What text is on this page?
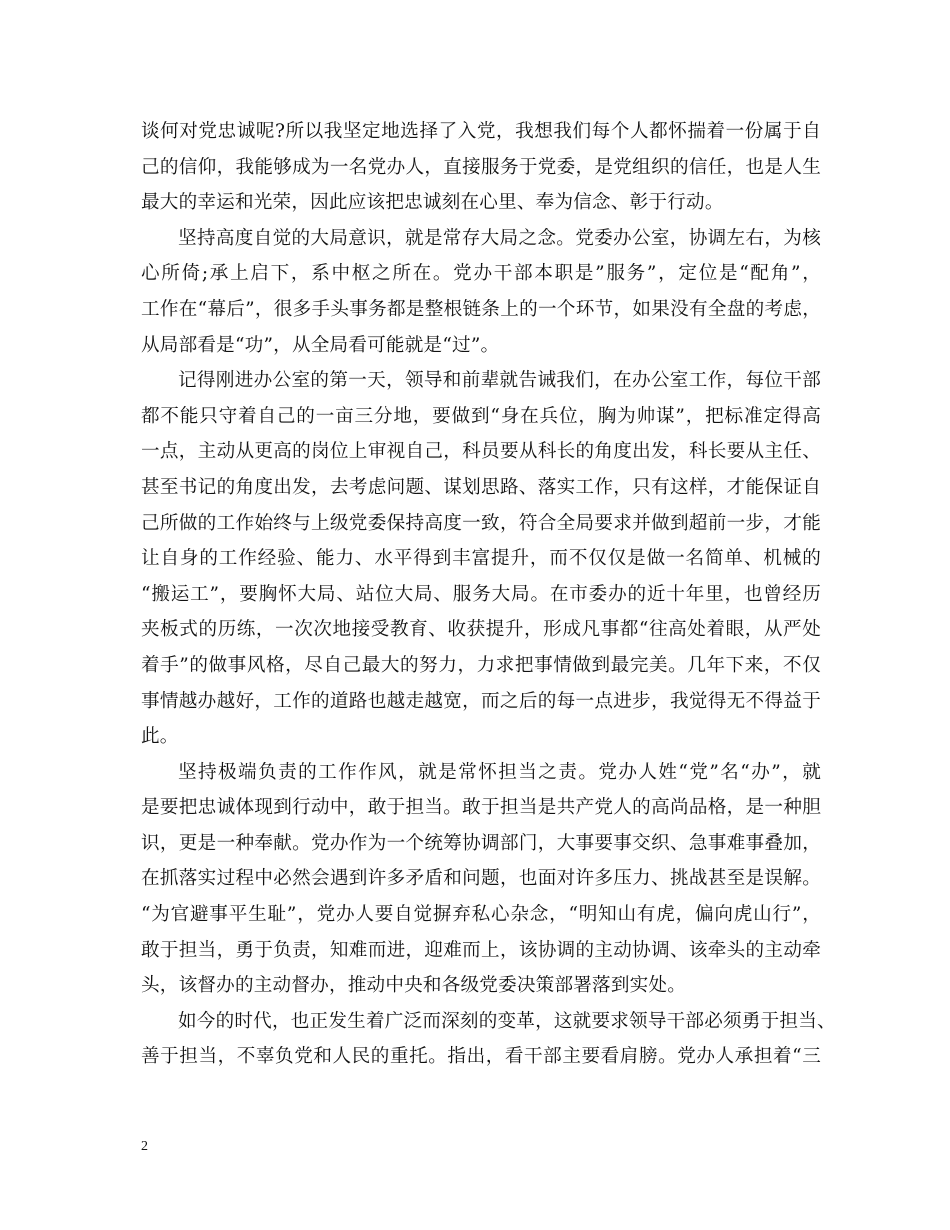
谈何对党忠诚呢?所以我坚定地选择了入党，我想我们每个人都怀揣着一份属于自
己的信仰，我能够成为一名党办人，直接服务于党委，是党组织的信任，也是人生
最大的幸运和光荣，因此应该把忠诚刻在心里、奉为信念、彰于行动。
坚持高度自觉的大局意识，就是常存大局之念。党委办公室，协调左右，为核
心所倚;承上启下，系中枢之所在。党办干部本职是”服务”，定位是“配角”，
工作在“幕后”，很多手头事务都是整根链条上的一个环节，如果没有全盘的考虑，
从局部看是“功”，从全局看可能就是“过”。
记得刚进办公室的第一天，领导和前辈就告诫我们，在办公室工作，每位干部
都不能只守着自己的一亩三分地，要做到“身在兵位，胸为帅谋”，把标准定得高
一点，主动从更高的岗位上审视自己，科员要从科长的角度出发，科长要从主任、
甚至书记的角度出发，去考虑问题、谋划思路、落实工作，只有这样，才能保证自
己所做的工作始终与上级党委保持高度一致，符合全局要求并做到超前一步，才能
让自身的工作经验、能力、水平得到丰富提升，而不仅仅是做一名简单、机械的
“搬运工”，要胸怀大局、站位大局、服务大局。在市委办的近十年里，也曾经历
夹板式的历练，一次次地接受教育、收获提升，形成凡事都“往高处着眼，从严处
着手”的做事风格，尽自己最大的努力，力求把事情做到最完美。几年下来，不仅
事情越办越好，工作的道路也越走越宽，而之后的每一点进步，我觉得无不得益于
此。
坚持极端负责的工作作风，就是常怀担当之责。党办人姓“党”名“办”，就
是要把忠诚体现到行动中，敢于担当。敢于担当是共产党人的高尚品格，是一种胆
识，更是一种奉献。党办作为一个统筹协调部门，大事要事交织、急事难事叠加，
在抓落实过程中必然会遇到许多矛盾和问题，也面对许多压力、挑战甚至是误解。
“为官避事平生耻”，党办人要自觉摒弃私心杂念，“明知山有虎，偏向虎山行”，
敢于担当，勇于负责，知难而进，迎难而上，该协调的主动协调、该牵头的主动牵
头，该督办的主动督办，推动中央和各级党委决策部署落到实处。
如今的时代，也正发生着广泛而深刻的变革，这就要求领导干部必须勇于担当、
善于担当，不辜负党和人民的重托。指出，看干部主要看肩膀。党办人承担着“三
2
